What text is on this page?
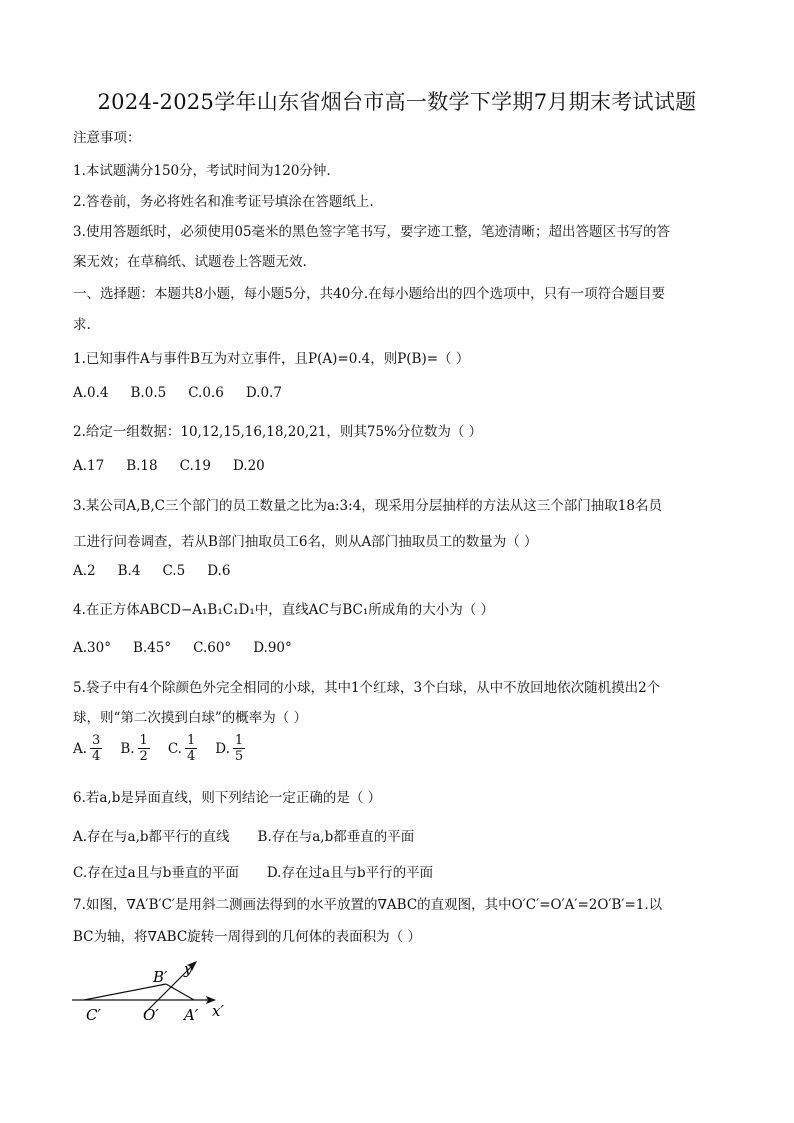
2024-2025学年山东省烟台市高一数学下学期7月期末考试试题
注意事项：
1.本试题满分150分，考试时间为120分钟.
2.答卷前，务必将姓名和准考证号填涂在答题纸上.
3.使用答题纸时，必须使用05毫米的黑色签字笔书写，要字迹工整，笔迹清晰；超出答题区书写的答
案无效；在草稿纸、试题卷上答题无效.
一、选择题：本题共8小题，每小题5分，共40分.在每小题给出的四个选项中，只有一项符合题目要
求.
1.已知事件A与事件B互为对立事件，且P(A)=0.4，则P(B)=（ ）
A.0.4 B.0.5 C.0.6 D.0.7
2.给定一组数据：10,12,15,16,18,20,21，则其75%分位数为（ ）
A.17 B.18 C.19 D.20
3.某公司A,B,C三个部门的员工数量之比为a:3:4，现采用分层抽样的方法从这三个部门抽取18名员
工进行问卷调查，若从B部门抽取员工6名，则从A部门抽取员工的数量为（ ）
A.2 B.4 C.5 D.6
4.在正方体ABCD−A₁B₁C₁D₁中，直线AC与BC₁所成角的大小为（ ）
A.30° B.45° C.60° D.90°
5.袋子中有4个除颜色外完全相同的小球，其中1个红球，3个白球，从中不放回地依次随机摸出2个
球，则“第二次摸到白球”的概率为（ ）
A. $\frac{3}{4} B$. $\frac{1}{2} C$. $\frac{1}{4} D$. $\frac{1}{5}$
6.若a,b是异面直线，则下列结论一定正确的是（ ）
A.存在与a,b都平行的直线 B.存在与a,b都垂直的平面
C.存在过a且与b垂直的平面 D.存在过a且与b平行的平面
7.如图，∇A′B′C′是用斜二测画法得到的水平放置的∇ABC的直观图，其中O′C′=O′A′=2O′B′=1.以
BC为轴，将∇ABC旋转一周得到的几何体的表面积为（ ）
B′ y′
C′	O′ A′ x′
